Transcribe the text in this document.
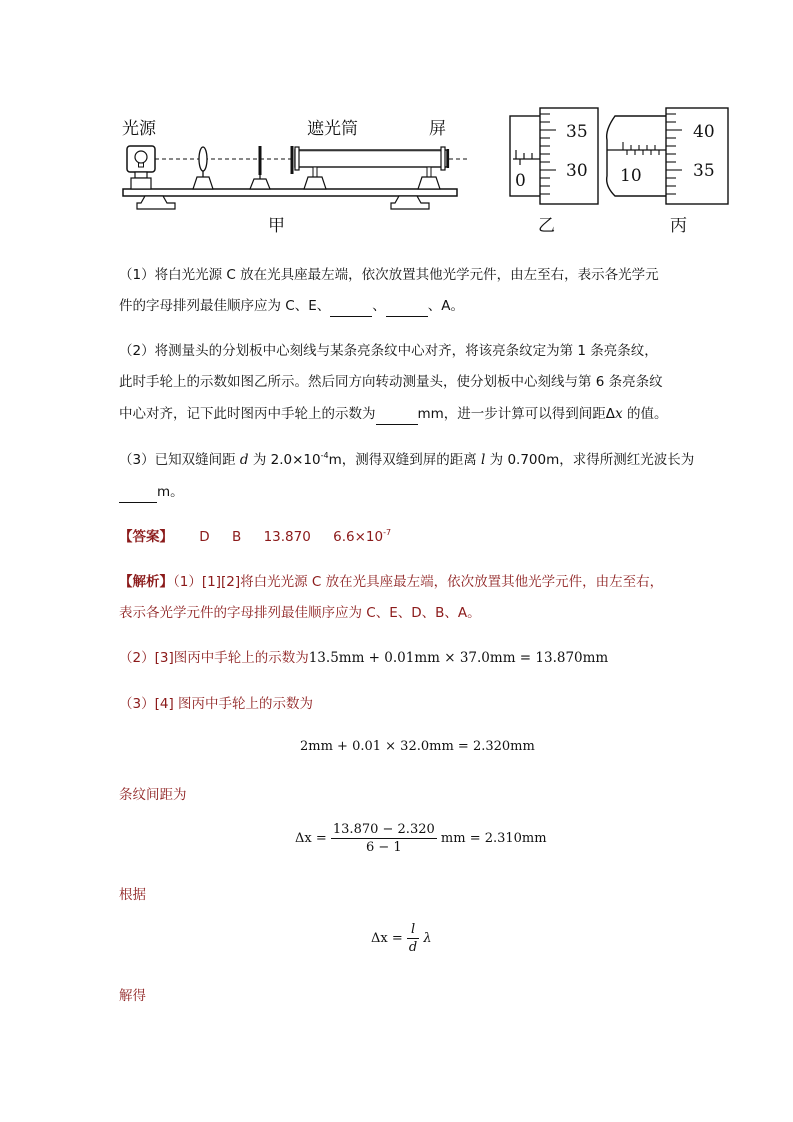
光源	遮光筒	屏
甲
0
35
30
乙
10
40
35
丙
（1）将白光光源 C 放在光具座最左端，依次放置其他光学元件，由左至右，表示各光学元
件的字母排列最佳顺序应为 C、E、	、	、A。
（2）将测量头的分划板中心刻线与某条亮条纹中心对齐，将该亮条纹定为第 1 条亮条纹，
此时手轮上的示数如图乙所示。然后同方向转动测量头，使分划板中心刻线与第 6 条亮条纹
中心对齐，记下此时图丙中手轮上的示数为	mm，进一步计算可以得到间距Δx 的值。
（3）已知双缝间距 d 为 $2.0\times 10^{-4}m$，测得双缝到屏的距离 l 为 0.700m，求得所测红光波长为
m。
【答案】 D B 13.870 $6.6\times 10^{-7}$
【解析】（1）[1][2]将白光光源 C 放在光具座最左端，依次放置其他光学元件，由左至右，
表示各光学元件的字母排列最佳顺序应为 C、E、D、B、A。
（2）[3]图丙中手轮上的示数为13.5mm + 0.01mm × 37.0mm = 13.870mm
（3）[4] 图丙中手轮上的示数为
2mm + 0.01 × 32.0mm = 2.320mm
条纹间距为
$\Delta x = \frac{13.870 - 2.320}{6 - 1}$ mm = 2.310mm
根据
$\Delta x = \frac{l}{d}$ λ
解得
